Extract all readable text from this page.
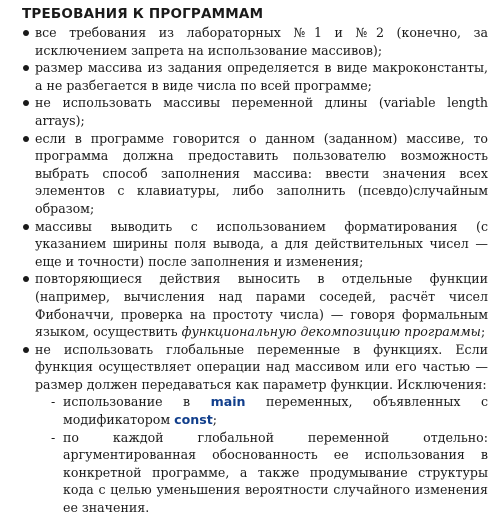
ТРЕБОВАНИЯ К ПРОГРАММАМ
все требования из лабораторных №1 и №2 (конечно, за исключением запрета на использование массивов);
размер массива из задания определяется в виде макроконстанты, а не разбегается в виде числа по всей программе;
не использовать массивы переменной длины (variable length arrays);
если в программе говорится о данном (заданном) массиве, то программа должна предоставить пользователю возможность выбрать способ заполнения массива: ввести значения всех элементов с клавиатуры, либо заполнить (псевдо)случайным образом;
массивы выводить с использованием форматирования (с указанием ширины поля вывода, а для действительных чисел — еще и точности) после заполнения и изменения;
повторяющиеся действия выносить в отдельные функции (например, вычисления над парами соседей, расчёт чисел Фибоначчи, проверка на простоту числа) — говоря формальным языком, осуществить функциональную декомпозицию программы;
не использовать глобальные переменные в функциях. Если функция осуществляет операции над массивом или его частью — размер должен передаваться как параметр функции. Исключения:
- использование в main переменных, объявленных с модификатором const;
- по каждой глобальной переменной отдельно: аргументированная обоснованность ее использования в конкретной программе, а также продумывание структуры кода с целью уменьшения вероятности случайного изменения ее значения.
